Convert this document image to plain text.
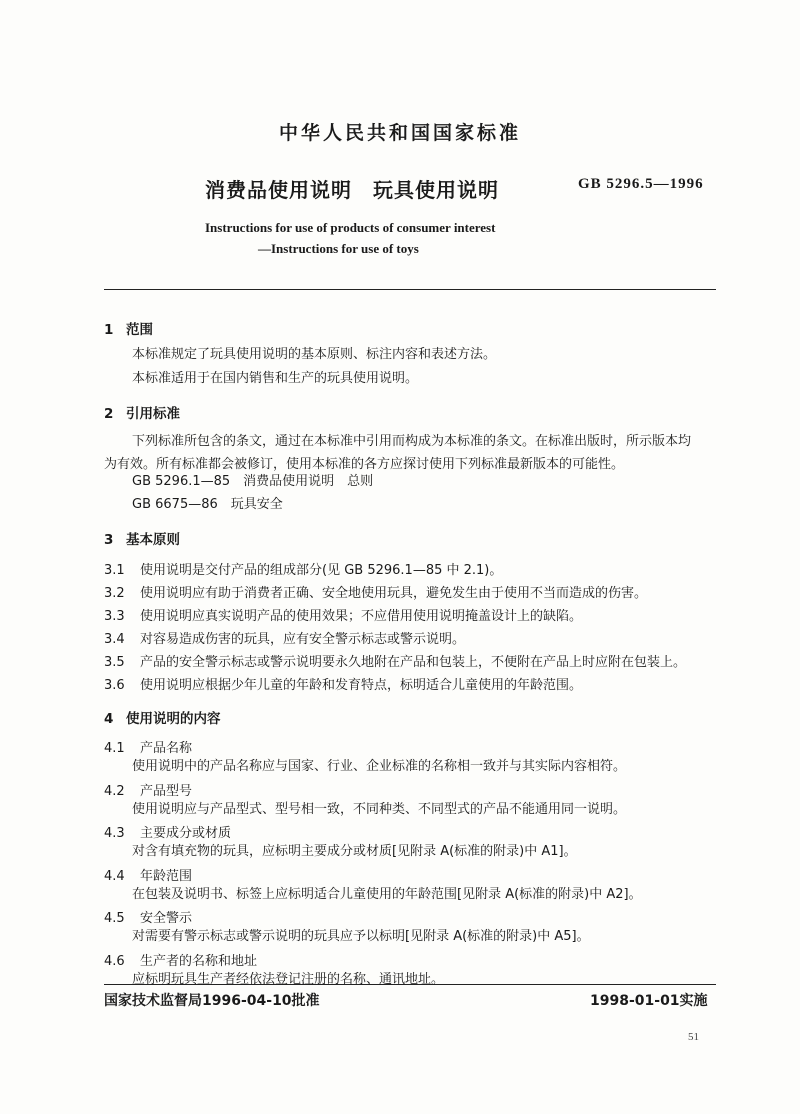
中华人民共和国国家标准
消费品使用说明　玩具使用说明	GB 5296.5—1996
Instructions for use of products of consumer interest
—Instructions for use of toys
1 范围
本标准规定了玩具使用说明的基本原则、标注内容和表述方法。
本标准适用于在国内销售和生产的玩具使用说明。
2 引用标准
下列标准所包含的条文，通过在本标准中引用而构成为本标准的条文。在标准出版时，所示版本均
为有效。所有标准都会被修订，使用本标准的各方应探讨使用下列标准最新版本的可能性。
GB 5296.1—85　消费品使用说明　总则
GB 6675—86　玩具安全
3 基本原则
3.1 使用说明是交付产品的组成部分(见 GB 5296.1—85 中 2.1)。
3.2 使用说明应有助于消费者正确、安全地使用玩具，避免发生由于使用不当而造成的伤害。
3.3 使用说明应真实说明产品的使用效果；不应借用使用说明掩盖设计上的缺陷。
3.4 对容易造成伤害的玩具，应有安全警示标志或警示说明。
3.5 产品的安全警示标志或警示说明要永久地附在产品和包装上，不便附在产品上时应附在包装上。
3.6 使用说明应根据少年儿童的年龄和发育特点，标明适合儿童使用的年龄范围。
4 使用说明的内容
4.1 产品名称
使用说明中的产品名称应与国家、行业、企业标准的名称相一致并与其实际内容相符。
4.2 产品型号
使用说明应与产品型式、型号相一致，不同种类、不同型式的产品不能通用同一说明。
4.3 主要成分或材质
对含有填充物的玩具，应标明主要成分或材质[见附录 A(标准的附录)中 A1]。
4.4 年龄范围
在包装及说明书、标签上应标明适合儿童使用的年龄范围[见附录 A(标准的附录)中 A2]。
4.5 安全警示
对需要有警示标志或警示说明的玩具应予以标明[见附录 A(标准的附录)中 A5]。
4.6 生产者的名称和地址
应标明玩具生产者经依法登记注册的名称、通讯地址。
国家技术监督局1996-04-10批准	1998-01-01实施
51
